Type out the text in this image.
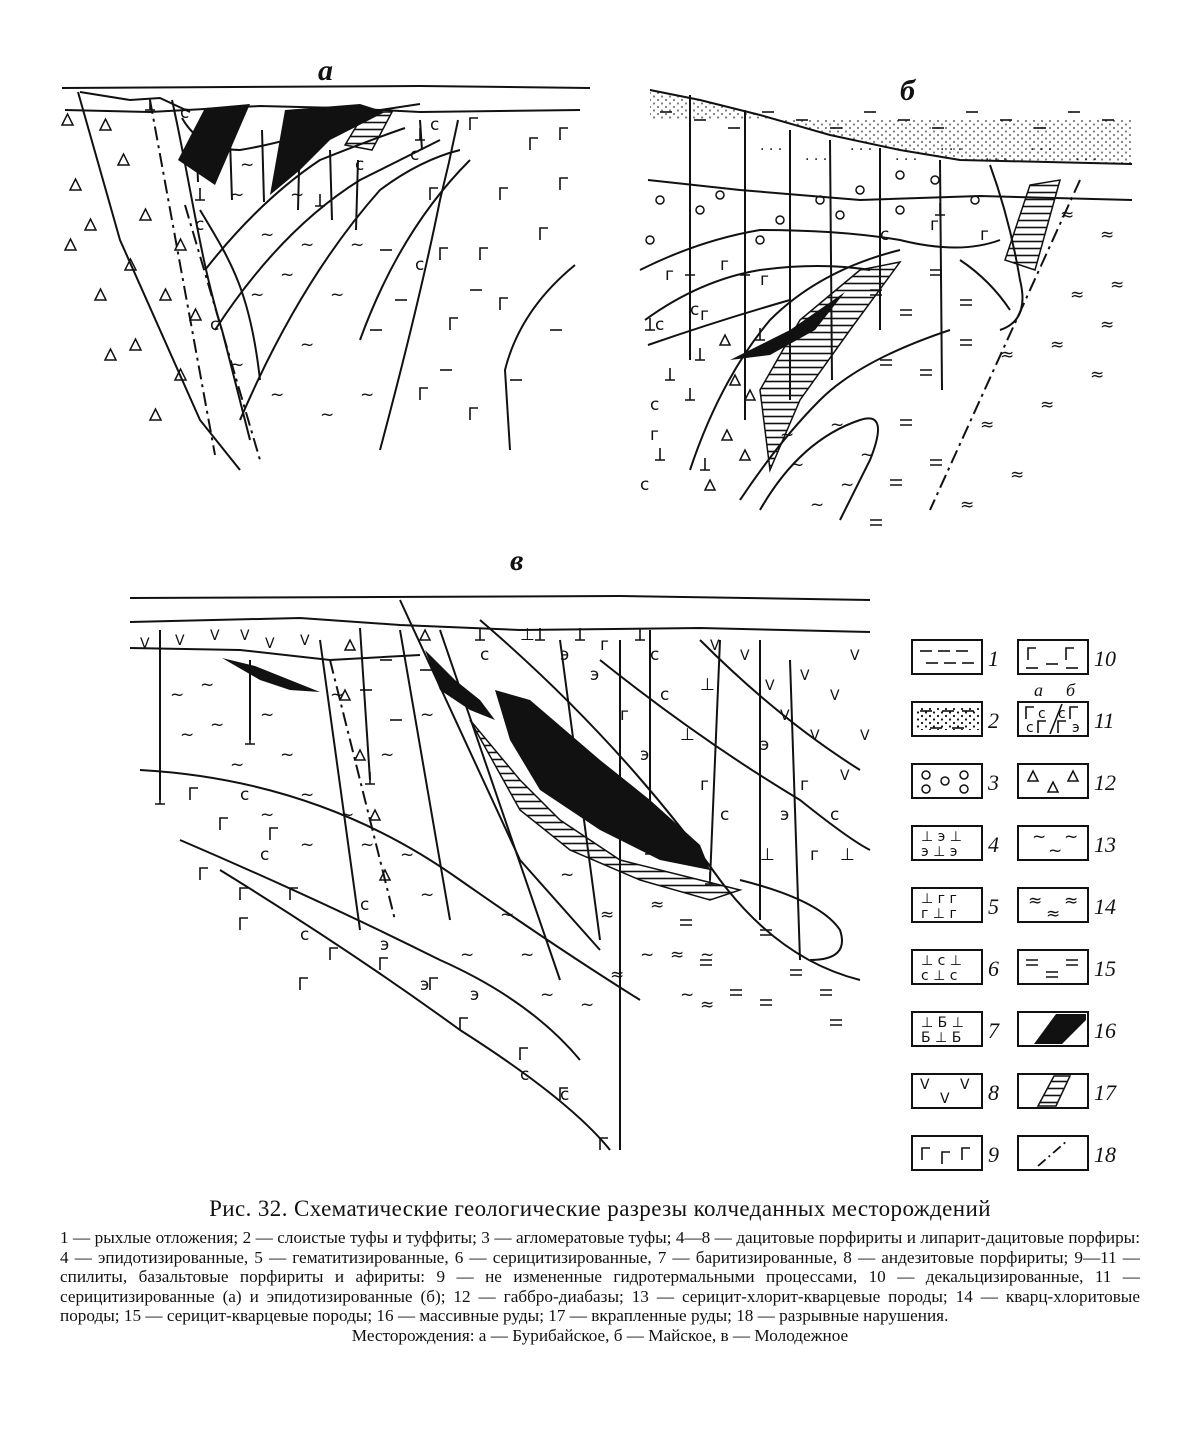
а
~
~
~
~
~
~
~
~
~
~
~
~
~	~
с
с
с
с
с
с
с
б
. . .
. . .
. . .
. . .
. . .
. . .
. . .
. . .
г	г
г
г
г
г
г
с
с
с
с
с
≈
≈
≈ ≈
≈
≈
≈
≈
≈
≈
≈
≈
~
~
~
~
~ ~
в
V V V V V V	V
V
V
V
V
V
V
V
V
V
~ ~
~ ~ ~
~
~
~
~
~
~
~
~
~
~
~
~
~
~
~
~
~
~
~
~
~
с
с
с
с
с
с
э
э э
э
г
с
⊥
э
г
с
⊥
э
г
с
⊥
э
г
с
⊥
э г с
⊥
≈ ≈
≈
≈
≈
1
2
3
⊥ э ⊥
э ⊥ э 4
⊥ г г
г ⊥ г 5
⊥ с ⊥
с ⊥ с 6
⊥ Б ⊥
Б ⊥ Б 7
V V
V 8
9
10
а б
с
с
с
э 11
12
~ ~
~ 13
≈ ≈
≈ 14
15
16
17
18

Рис. 32. Схематические геологические разрезы колчеданных месторождений

1 — рыхлые отложения; 2 — слоистые туфы и туффиты; 3 — агломератовые туфы; 4—8 — дацитовые порфириты и липарит-дацитовые порфиры: 4 — эпидотизированные, 5 — гематитизированные, 6 — серицитизированные, 7 — баритизированные, 8 — андезитовые порфириты; 9—11 — спилиты, базальтовые порфириты и афириты: 9 — не измененные гидротермальными процессами, 10 — декальцизированные, 11 — серицитизированные (а) и эпидотизированные (б); 12 — габбро-диабазы; 13 — серицит-хлорит-кварцевые породы; 14 — кварц-хлоритовые породы; 15 — серицит-кварцевые породы; 16 — массивные руды; 17 — вкрапленные руды; 18 — разрывные нарушения.

Месторождения: а — Бурибайское, б — Майское, в — Молодежное
